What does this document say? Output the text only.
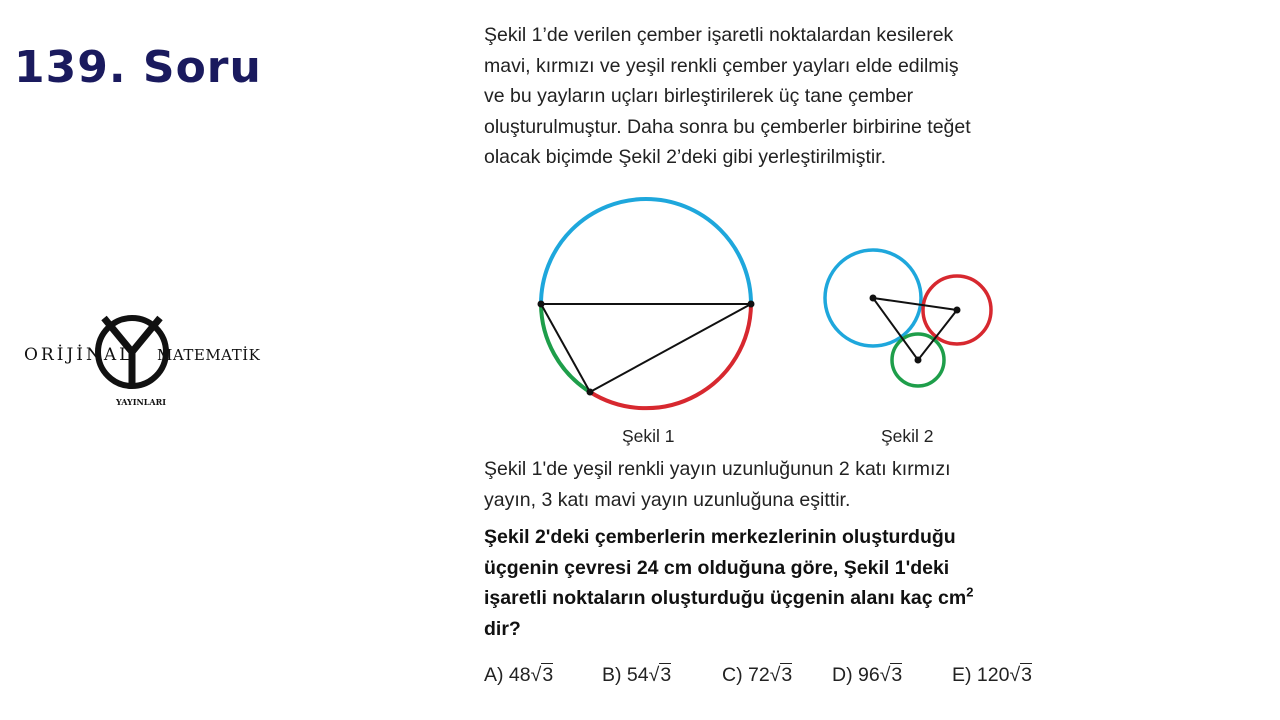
139. Soru
ORİJİNAL MATEMATİK
YAYINLARI

Şekil 1’de verilen çember işaretli noktalardan kesilerek
mavi, kırmızı ve yeşil renkli çember yayları elde edilmiş
ve bu yayların uçları birleştirilerek üç tane çember
oluşturulmuştur. Daha sonra bu çemberler birbirine teğet
olacak biçimde Şekil 2’deki gibi yerleştirilmiştir.

Şekil 1	Şekil 2

Şekil 1'de yeşil renkli yayın uzunluğunun 2 katı kırmızı
yayın, 3 katı mavi yayın uzunluğuna eşittir.

Şekil 2'deki çemberlerin merkezlerinin oluşturduğu
üçgenin çevresi 24 cm olduğuna göre, Şekil 1'deki
işaretli noktaların oluşturduğu üçgenin alanı kaç $cm^2$
dir?

A) 48√3	B) 54√3	C) 72√3 D) 96√3	E) 120√3
